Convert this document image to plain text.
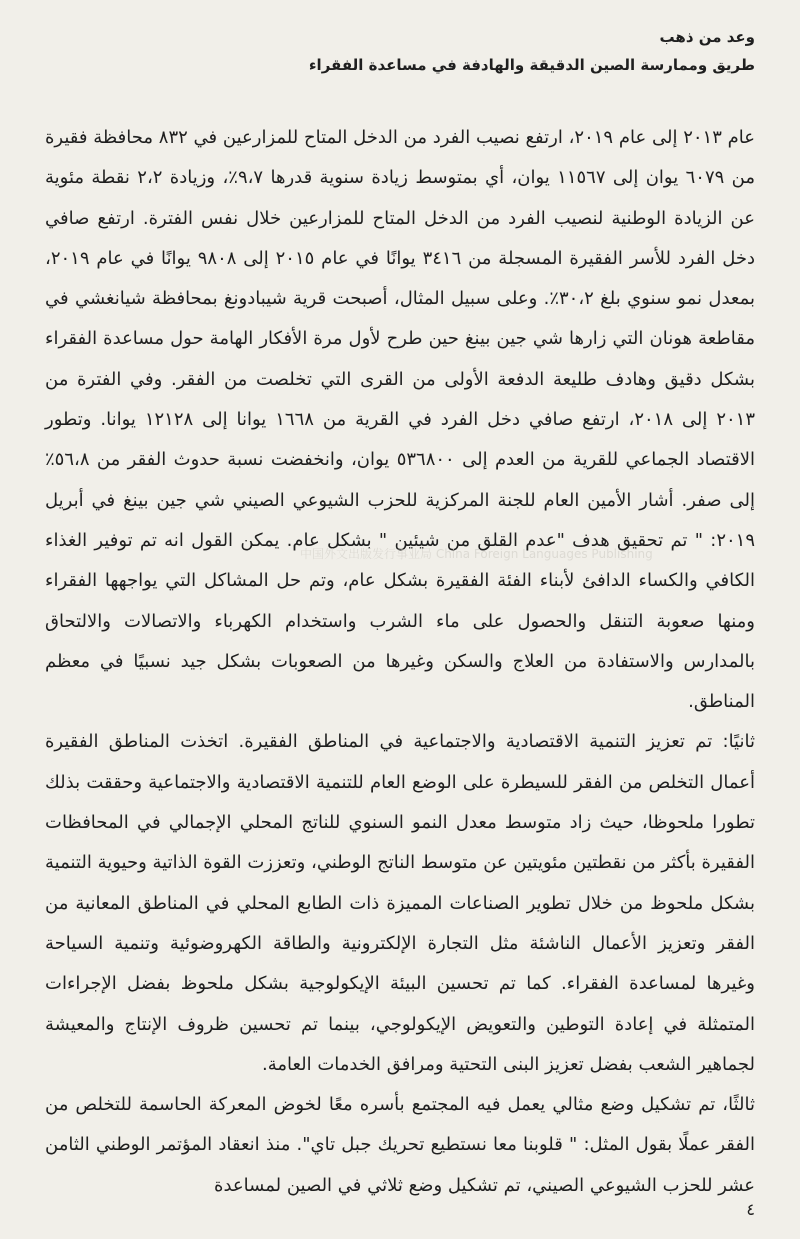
وعد من ذهب

طريق وممارسة الصين الدقيقة والهادفة في مساعدة الفقراء

عام ٢٠١٣ إلى عام ٢٠١٩، ارتفع نصيب الفرد من الدخل المتاح للمزارعين في ٨٣٢ محافظة فقيرة من ٦٠٧٩ يوان إلى ١١٥٦٧ يوان، أي بمتوسط زيادة سنوية قدرها ٩،٧٪، وزيادة ٢،٢ نقطة مئوية عن الزيادة الوطنية لنصيب الفرد من الدخل المتاح للمزارعين خلال نفس الفترة. ارتفع صافي دخل الفرد للأسر الفقيرة المسجلة من ٣٤١٦ يوانًا في عام ٢٠١٥ إلى ٩٨٠٨ يوانًا في عام ٢٠١٩، بمعدل نمو سنوي بلغ ٣٠،٢٪. وعلى سبيل المثال، أصبحت قرية شيبادونغ بمحافظة شيانغشي في مقاطعة هونان التي زارها شي جين بينغ حين طرح لأول مرة الأفكار الهامة حول مساعدة الفقراء بشكل دقيق وهادف طليعة الدفعة الأولى من القرى التي تخلصت من الفقر. وفي الفترة من ٢٠١٣ إلى ٢٠١٨، ارتفع صافي دخل الفرد في القرية من ١٦٦٨ يوانا إلى ١٢١٢٨ يوانا. وتطور الاقتصاد الجماعي للقرية من العدم إلى ٥٣٦٨٠٠ يوان، وانخفضت نسبة حدوث الفقر من ٥٦،٨٪ إلى صفر. أشار الأمين العام للجنة المركزية للحزب الشيوعي الصيني شي جين بينغ في أبريل ٢٠١٩: " تم تحقيق هدف "عدم القلق من شيئين " بشكل عام. يمكن القول انه تم توفير الغذاء الكافي والكساء الدافئ لأبناء الفئة الفقيرة بشكل عام، وتم حل المشاكل التي يواجهها الفقراء ومنها صعوبة التنقل والحصول على ماء الشرب واستخدام الكهرباء والاتصالات والالتحاق بالمدارس والاستفادة من العلاج والسكن وغيرها من الصعوبات بشكل جيد نسبيًا في معظم المناطق.

ثانيًا: تم تعزيز التنمية الاقتصادية والاجتماعية في المناطق الفقيرة. اتخذت المناطق الفقيرة أعمال التخلص من الفقر للسيطرة على الوضع العام للتنمية الاقتصادية والاجتماعية وحققت بذلك تطورا ملحوظا، حيث زاد متوسط معدل النمو السنوي للناتج المحلي الإجمالي في المحافظات الفقيرة بأكثر من نقطتين مئويتين عن متوسط الناتج الوطني، وتعززت القوة الذاتية وحيوية التنمية بشكل ملحوظ من خلال تطوير الصناعات المميزة ذات الطابع المحلي في المناطق المعانية من الفقر وتعزيز الأعمال الناشئة مثل التجارة الإلكترونية والطاقة الكهروضوئية وتنمية السياحة وغيرها لمساعدة الفقراء. كما تم تحسين البيئة الإيكولوجية بشكل ملحوظ بفضل الإجراءات المتمثلة في إعادة التوطين والتعويض الإيكولوجي، بينما تم تحسين ظروف الإنتاج والمعيشة لجماهير الشعب بفضل تعزيز البنى التحتية ومرافق الخدمات العامة.

ثالثًا، تم تشكيل وضع مثالي يعمل فيه المجتمع بأسره معًا لخوض المعركة الحاسمة للتخلص من الفقر عملًا بقول المثل: " قلوبنا معا نستطيع تحريك جبل تاي". منذ انعقاد المؤتمر الوطني الثامن عشر للحزب الشيوعي الصيني، تم تشكيل وضع ثلاثي في الصين لمساعدة

中国外文出版发行事业局 China Foreign Languages Publishing
٤
